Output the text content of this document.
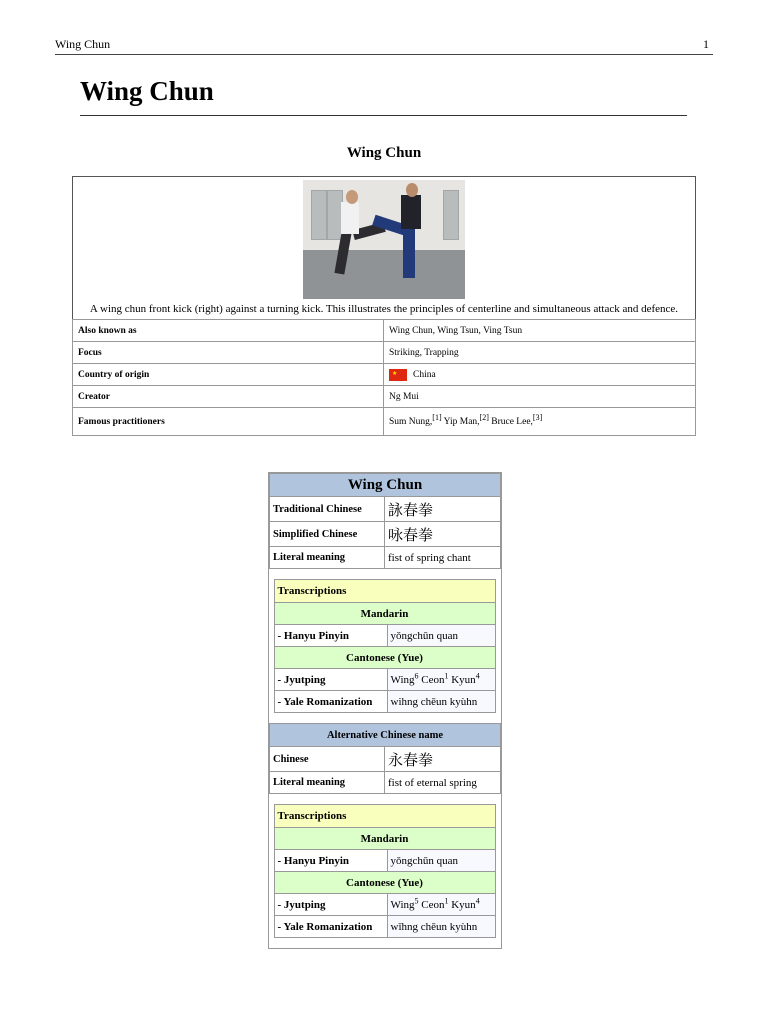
Wing Chun	1
Wing Chun
Wing Chun
A wing chun front kick (right) against a turning kick. This illustrates the principles of centerline and simultaneous attack and defence.	

Also known as	Wing Chun, Wing Tsun, Ving Tsun
Focus	Striking, Trapping
Country of origin	★ China
Creator	Ng Mui
Famous practitioners	Sum Nung,[1] Yip Man,[2] Bruce Lee,[3]
Wing Chun
Traditional Chinese	詠春拳
Simplified Chinese	咏春拳
Literal meaning	fist of spring chant

Transcriptions
Mandarin
- Hanyu Pinyin	yǒngchūn quan
Cantonese (Yue)
- Jyutping	Wing$^6$ Ceon$^1$ Kyun$^4$
- Yale Romanization	wihng chēun kyùhn

Alternative Chinese name
Chinese	永春拳
Literal meaning	fist of eternal spring

Transcriptions
Mandarin
- Hanyu Pinyin	yǒngchūn quan
Cantonese (Yue)
- Jyutping	Wing$^5$ Ceon$^1$ Kyun$^4$
- Yale Romanization	wǐhng chēun kyùhn
